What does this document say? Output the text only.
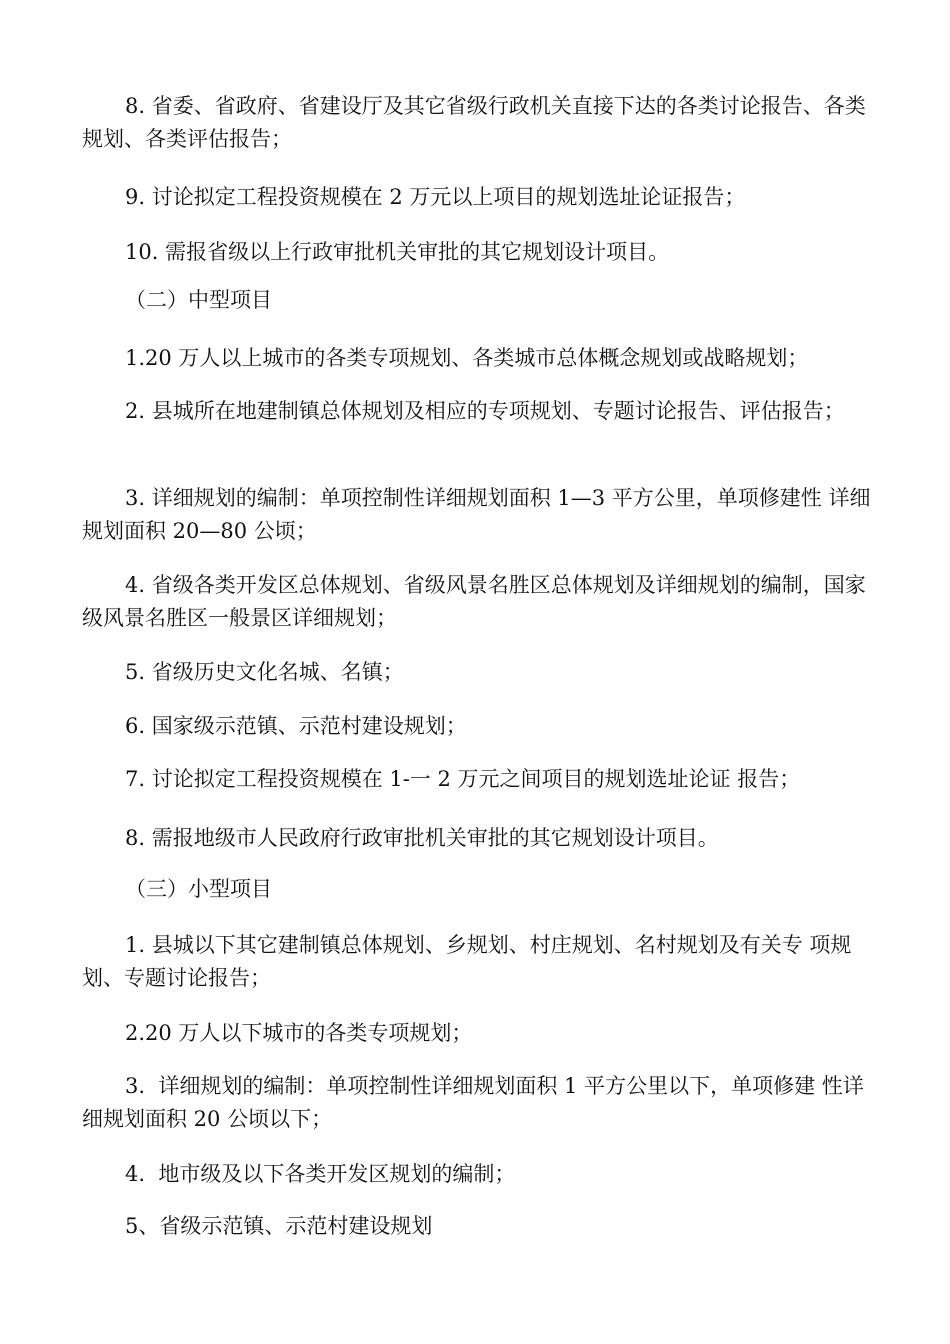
8. 省委、省政府、省建设厅及其它省级行政机关直接下达的各类讨论报告、各类规划、各类评估报告；

9. 讨论拟定工程投资规模在 2 万元以上项目的规划选址论证报告；

10. 需报省级以上行政审批机关审批的其它规划设计项目。

（二）中型项目

1.20 万人以上城市的各类专项规划、各类城市总体概念规划或战略规划；

2. 县城所在地建制镇总体规划及相应的专项规划、专题讨论报告、评估报告；

3. 详细规划的编制：单项控制性详细规划面积 1—3 平方公里，单项修建性 详细规划面积 20—80 公顷；

4. 省级各类开发区总体规划、省级风景名胜区总体规划及详细规划的编制，国家级风景名胜区一般景区详细规划；

5. 省级历史文化名城、名镇；

6. 国家级示范镇、示范村建设规划；

7. 讨论拟定工程投资规模在 1-一 2 万元之间项目的规划选址论证 报告；

8. 需报地级市人民政府行政审批机关审批的其它规划设计项目。

（三）小型项目

1. 县城以下其它建制镇总体规划、乡规划、村庄规划、名村规划及有关专 项规划、专题讨论报告；

2.20 万人以下城市的各类专项规划；

3.  详细规划的编制：单项控制性详细规划面积 1 平方公里以下，单项修建 性详细规划面积 20 公顷以下；

4.  地市级及以下各类开发区规划的编制；

5、省级示范镇、示范村建设规划
